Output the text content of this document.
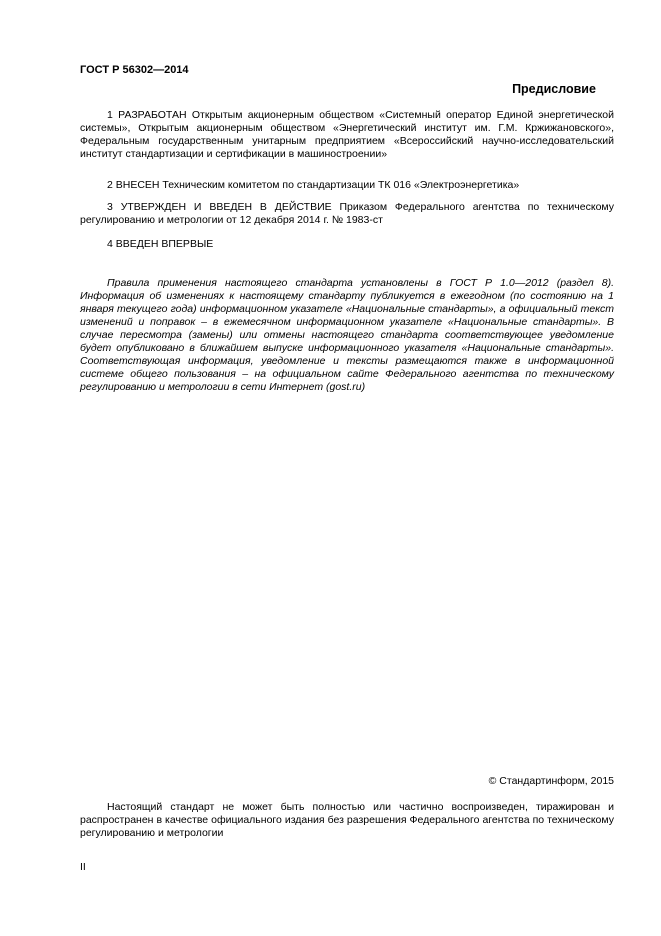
ГОСТ Р 56302—2014
Предисловие

1 РАЗРАБОТАН Открытым акционерным обществом «Системный оператор Единой энергетической системы», Открытым акционерным обществом «Энергетический институт им. Г.М. Кржижановского», Федеральным государственным унитарным предприятием «Всероссийский научно-исследовательский институт стандартизации и сертификации в машиностроении»

2 ВНЕСЕН Техническим комитетом по стандартизации ТК 016 «Электроэнергетика»

3 УТВЕРЖДЕН И ВВЕДЕН В ДЕЙСТВИЕ Приказом Федерального агентства по техническому регулированию и метрологии от 12 декабря 2014 г. № 1983-ст

4 ВВЕДЕН ВПЕРВЫЕ

Правила применения настоящего стандарта установлены в ГОСТ Р 1.0—2012 (раздел 8). Информация об изменениях к настоящему стандарту публикуется в ежегодном (по состоянию на 1 января текущего года) информационном указателе «Национальные стандарты», а официальный текст изменений и поправок – в ежемесячном информационном указателе «Национальные стандарты». В случае пересмотра (замены) или отмены настоящего стандарта соответствующее уведомление будет опубликовано в ближайшем выпуске информационного указателя «Национальные стандарты». Соответствующая информация, уведомление и тексты размещаются также в информационной системе общего пользования – на официальном сайте Федерального агентства по техническому регулированию и метрологии в сети Интернет (gost.ru)

© Стандартинформ, 2015

Настоящий стандарт не может быть полностью или частично воспроизведен, тиражирован и распространен в качестве официального издания без разрешения Федерального агентства по техническому регулированию и метрологии

II
